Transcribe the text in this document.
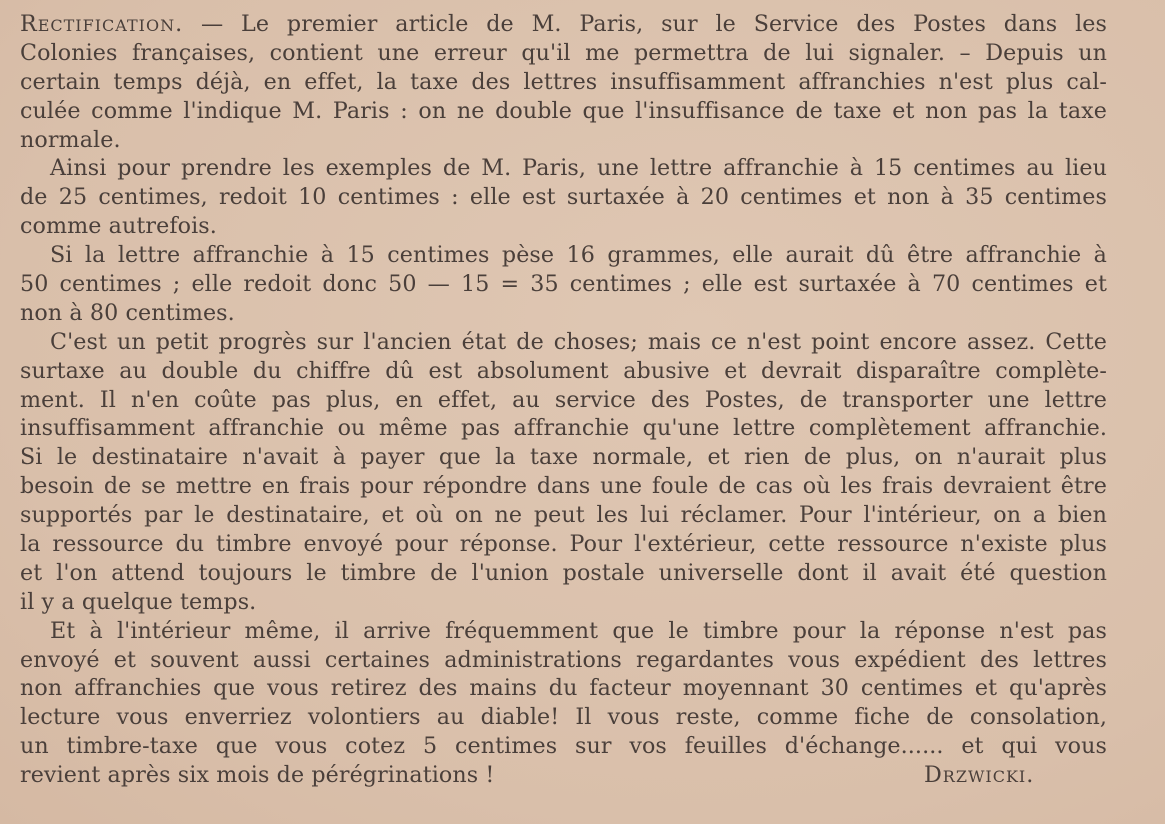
Rectification. — Le premier article de M. Paris, sur le Service des Postes dans les
Colonies françaises, contient une erreur qu'il me permettra de lui signaler. – Depuis un
certain temps déjà, en effet, la taxe des lettres insuffisamment affranchies n'est plus cal-
culée comme l'indique M. Paris : on ne double que l'insuffisance de taxe et non pas la taxe
normale.
Ainsi pour prendre les exemples de M. Paris, une lettre affranchie à 15 centimes au lieu
de 25 centimes, redoit 10 centimes : elle est surtaxée à 20 centimes et non à 35 centimes
comme autrefois.
Si la lettre affranchie à 15 centimes pèse 16 grammes, elle aurait dû être affranchie à
50 centimes ; elle redoit donc 50 — 15 = 35 centimes ; elle est surtaxée à 70 centimes et
non à 80 centimes.
C'est un petit progrès sur l'ancien état de choses; mais ce n'est point encore assez. Cette
surtaxe au double du chiffre dû est absolument abusive et devrait disparaître complète-
ment. Il n'en coûte pas plus, en effet, au service des Postes, de transporter une lettre
insuffisamment affranchie ou même pas affranchie qu'une lettre complètement affranchie.
Si le destinataire n'avait à payer que la taxe normale, et rien de plus, on n'aurait plus
besoin de se mettre en frais pour répondre dans une foule de cas où les frais devraient être
supportés par le destinataire, et où on ne peut les lui réclamer. Pour l'intérieur, on a bien
la ressource du timbre envoyé pour réponse. Pour l'extérieur, cette ressource n'existe plus
et l'on attend toujours le timbre de l'union postale universelle dont il avait été question
il y a quelque temps.
Et à l'intérieur même, il arrive fréquemment que le timbre pour la réponse n'est pas
envoyé et souvent aussi certaines administrations regardantes vous expédient des lettres
non affranchies que vous retirez des mains du facteur moyennant 30 centimes et qu'après
lecture vous enverriez volontiers au diable! Il vous reste, comme fiche de consolation,
un timbre-taxe que vous cotez 5 centimes sur vos feuilles d'échange...... et qui vous
revient après six mois de pérégrinations !	Drzwicki.
